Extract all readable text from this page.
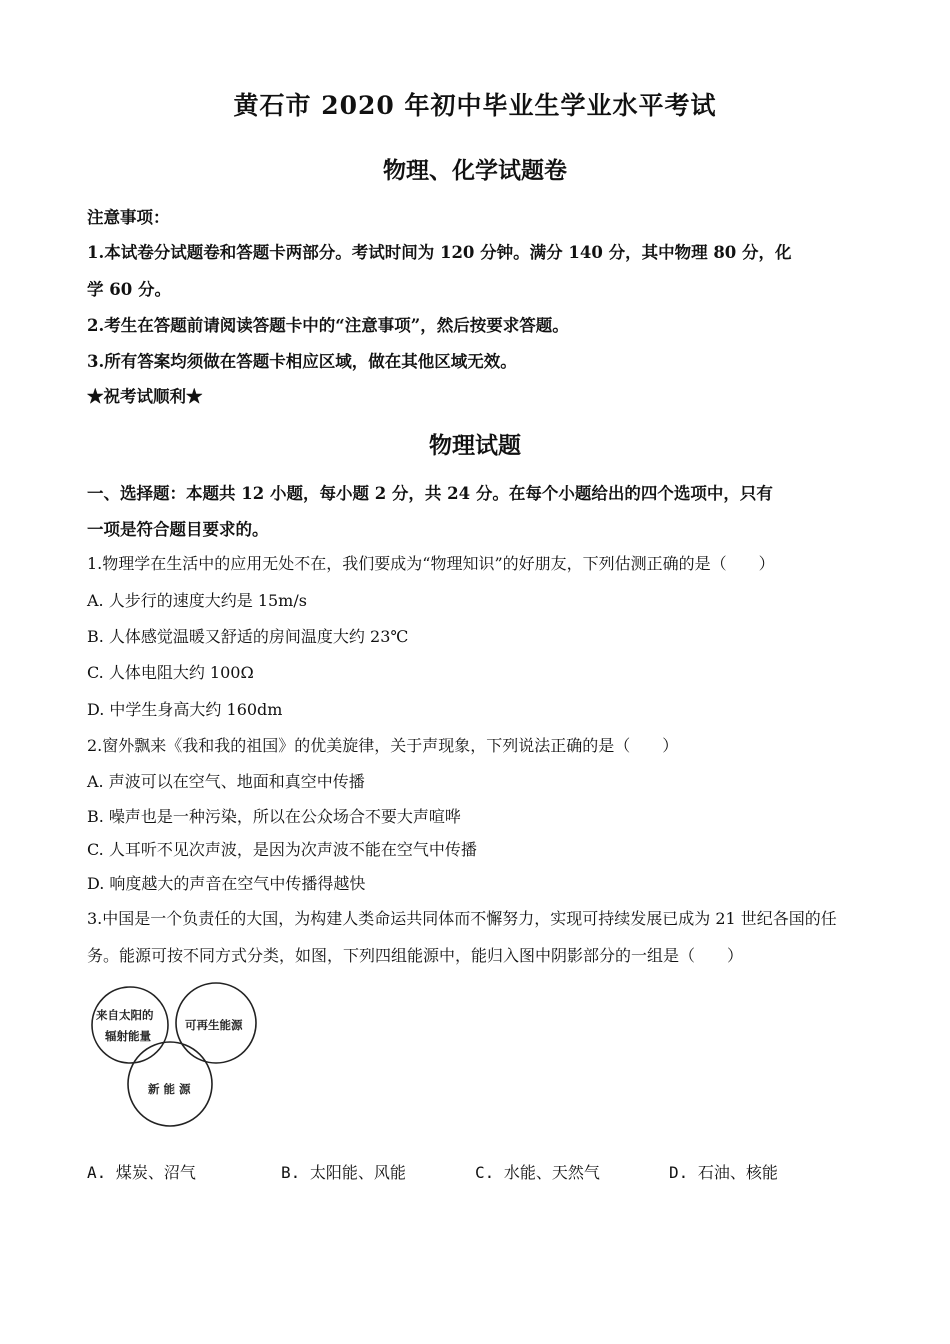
黄石市 2020 年初中毕业生学业水平考试
物理、化学试题卷
注意事项：
1.本试卷分试题卷和答题卡两部分。考试时间为 120 分钟。满分 140 分，其中物理 80 分，化
学 60 分。
2.考生在答题前请阅读答题卡中的“注意事项”，然后按要求答题。
3.所有答案均须做在答题卡相应区域，做在其他区域无效。
★祝考试顺利★
物理试题
一、选择题：本题共 12 小题，每小题 2 分，共 24 分。在每个小题给出的四个选项中，只有
一项是符合题目要求的。
1.物理学在生活中的应用无处不在，我们要成为“物理知识”的好朋友，下列估测正确的是（　　）
A. 人步行的速度大约是 15m/s
B. 人体感觉温暖又舒适的房间温度大约 23℃
C. 人体电阻大约 100Ω
D. 中学生身高大约 160dm
2.窗外飘来《我和我的祖国》的优美旋律，关于声现象，下列说法正确的是（　　）
A. 声波可以在空气、地面和真空中传播
B. 噪声也是一种污染，所以在公众场合不要大声喧哗
C. 人耳听不见次声波，是因为次声波不能在空气中传播
D. 响度越大的声音在空气中传播得越快
3.中国是一个负责任的大国，为构建人类命运共同体而不懈努力，实现可持续发展已成为 21 世纪各国的任
务。能源可按不同方式分类，如图，下列四组能源中，能归入图中阴影部分的一组是（　　）
来自太阳的
辐射能量
可再生能源
新 能 源
A. 煤炭、沼气	B. 太阳能、风能	C. 水能、天然气	D. 石油、核能
